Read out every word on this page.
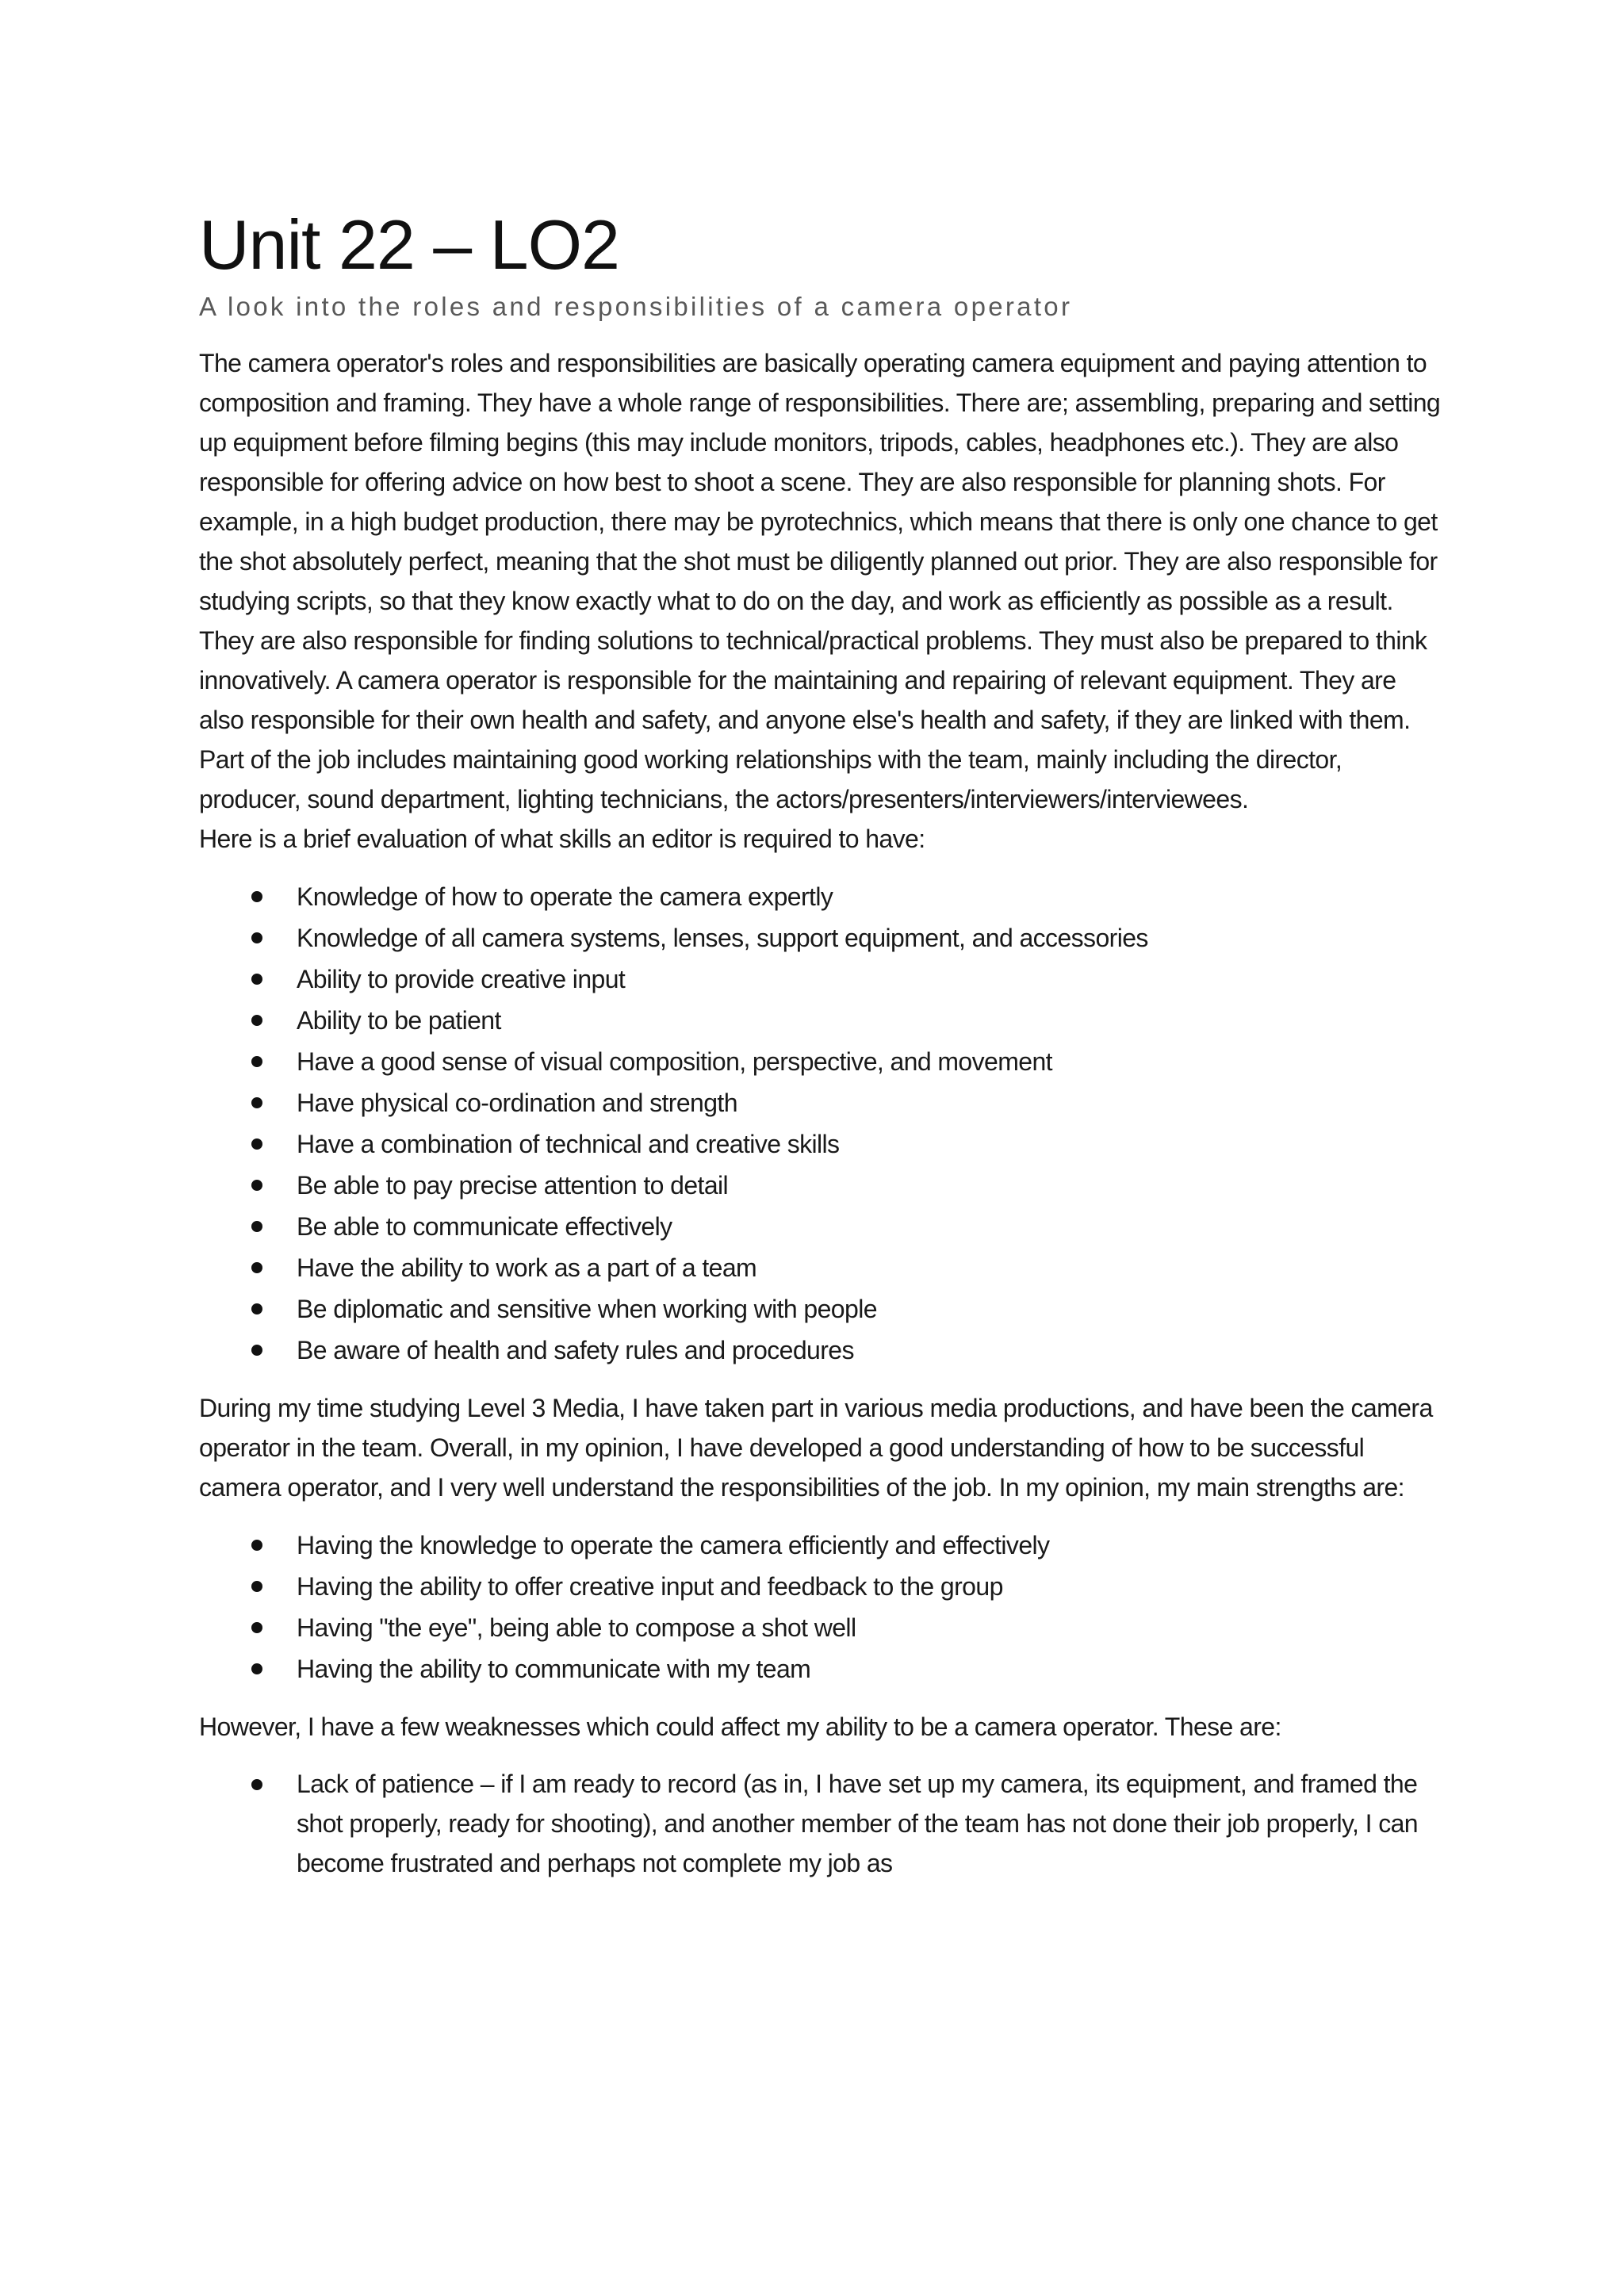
Unit 22 – LO2
A look into the roles and responsibilities of a camera operator

The camera operator's roles and responsibilities are basically operating camera equipment and paying attention to composition and framing. They have a whole range of responsibilities. There are; assembling, preparing and setting up equipment before filming begins (this may include monitors, tripods, cables, headphones etc.). They are also responsible for offering advice on how best to shoot a scene. They are also responsible for planning shots. For example, in a high budget production, there may be pyrotechnics, which means that there is only one chance to get the shot absolutely perfect, meaning that the shot must be diligently planned out prior. They are also responsible for studying scripts, so that they know exactly what to do on the day, and work as efficiently as possible as a result. They are also responsible for finding solutions to technical/practical problems. They must also be prepared to think innovatively. A camera operator is responsible for the maintaining and repairing of relevant equipment. They are also responsible for their own health and safety, and anyone else's health and safety, if they are linked with them. Part of the job includes maintaining good working relationships with the team, mainly including the director, producer, sound department, lighting technicians, the actors/presenters/interviewers/interviewees.

Here is a brief evaluation of what skills an editor is required to have:

Knowledge of how to operate the camera expertly
Knowledge of all camera systems, lenses, support equipment, and accessories
Ability to provide creative input
Ability to be patient
Have a good sense of visual composition, perspective, and movement
Have physical co-ordination and strength
Have a combination of technical and creative skills
Be able to pay precise attention to detail
Be able to communicate effectively
Have the ability to work as a part of a team
Be diplomatic and sensitive when working with people
Be aware of health and safety rules and procedures

During my time studying Level 3 Media, I have taken part in various media productions, and have been the camera operator in the team. Overall, in my opinion, I have developed a good understanding of how to be successful camera operator, and I very well understand the responsibilities of the job. In my opinion, my main strengths are:

Having the knowledge to operate the camera efficiently and effectively
Having the ability to offer creative input and feedback to the group
Having "the eye", being able to compose a shot well
Having the ability to communicate with my team

However, I have a few weaknesses which could affect my ability to be a camera operator. These are:

Lack of patience – if I am ready to record (as in, I have set up my camera, its equipment, and framed the shot properly, ready for shooting), and another member of the team has not done their job properly, I can become frustrated and perhaps not complete my job as
